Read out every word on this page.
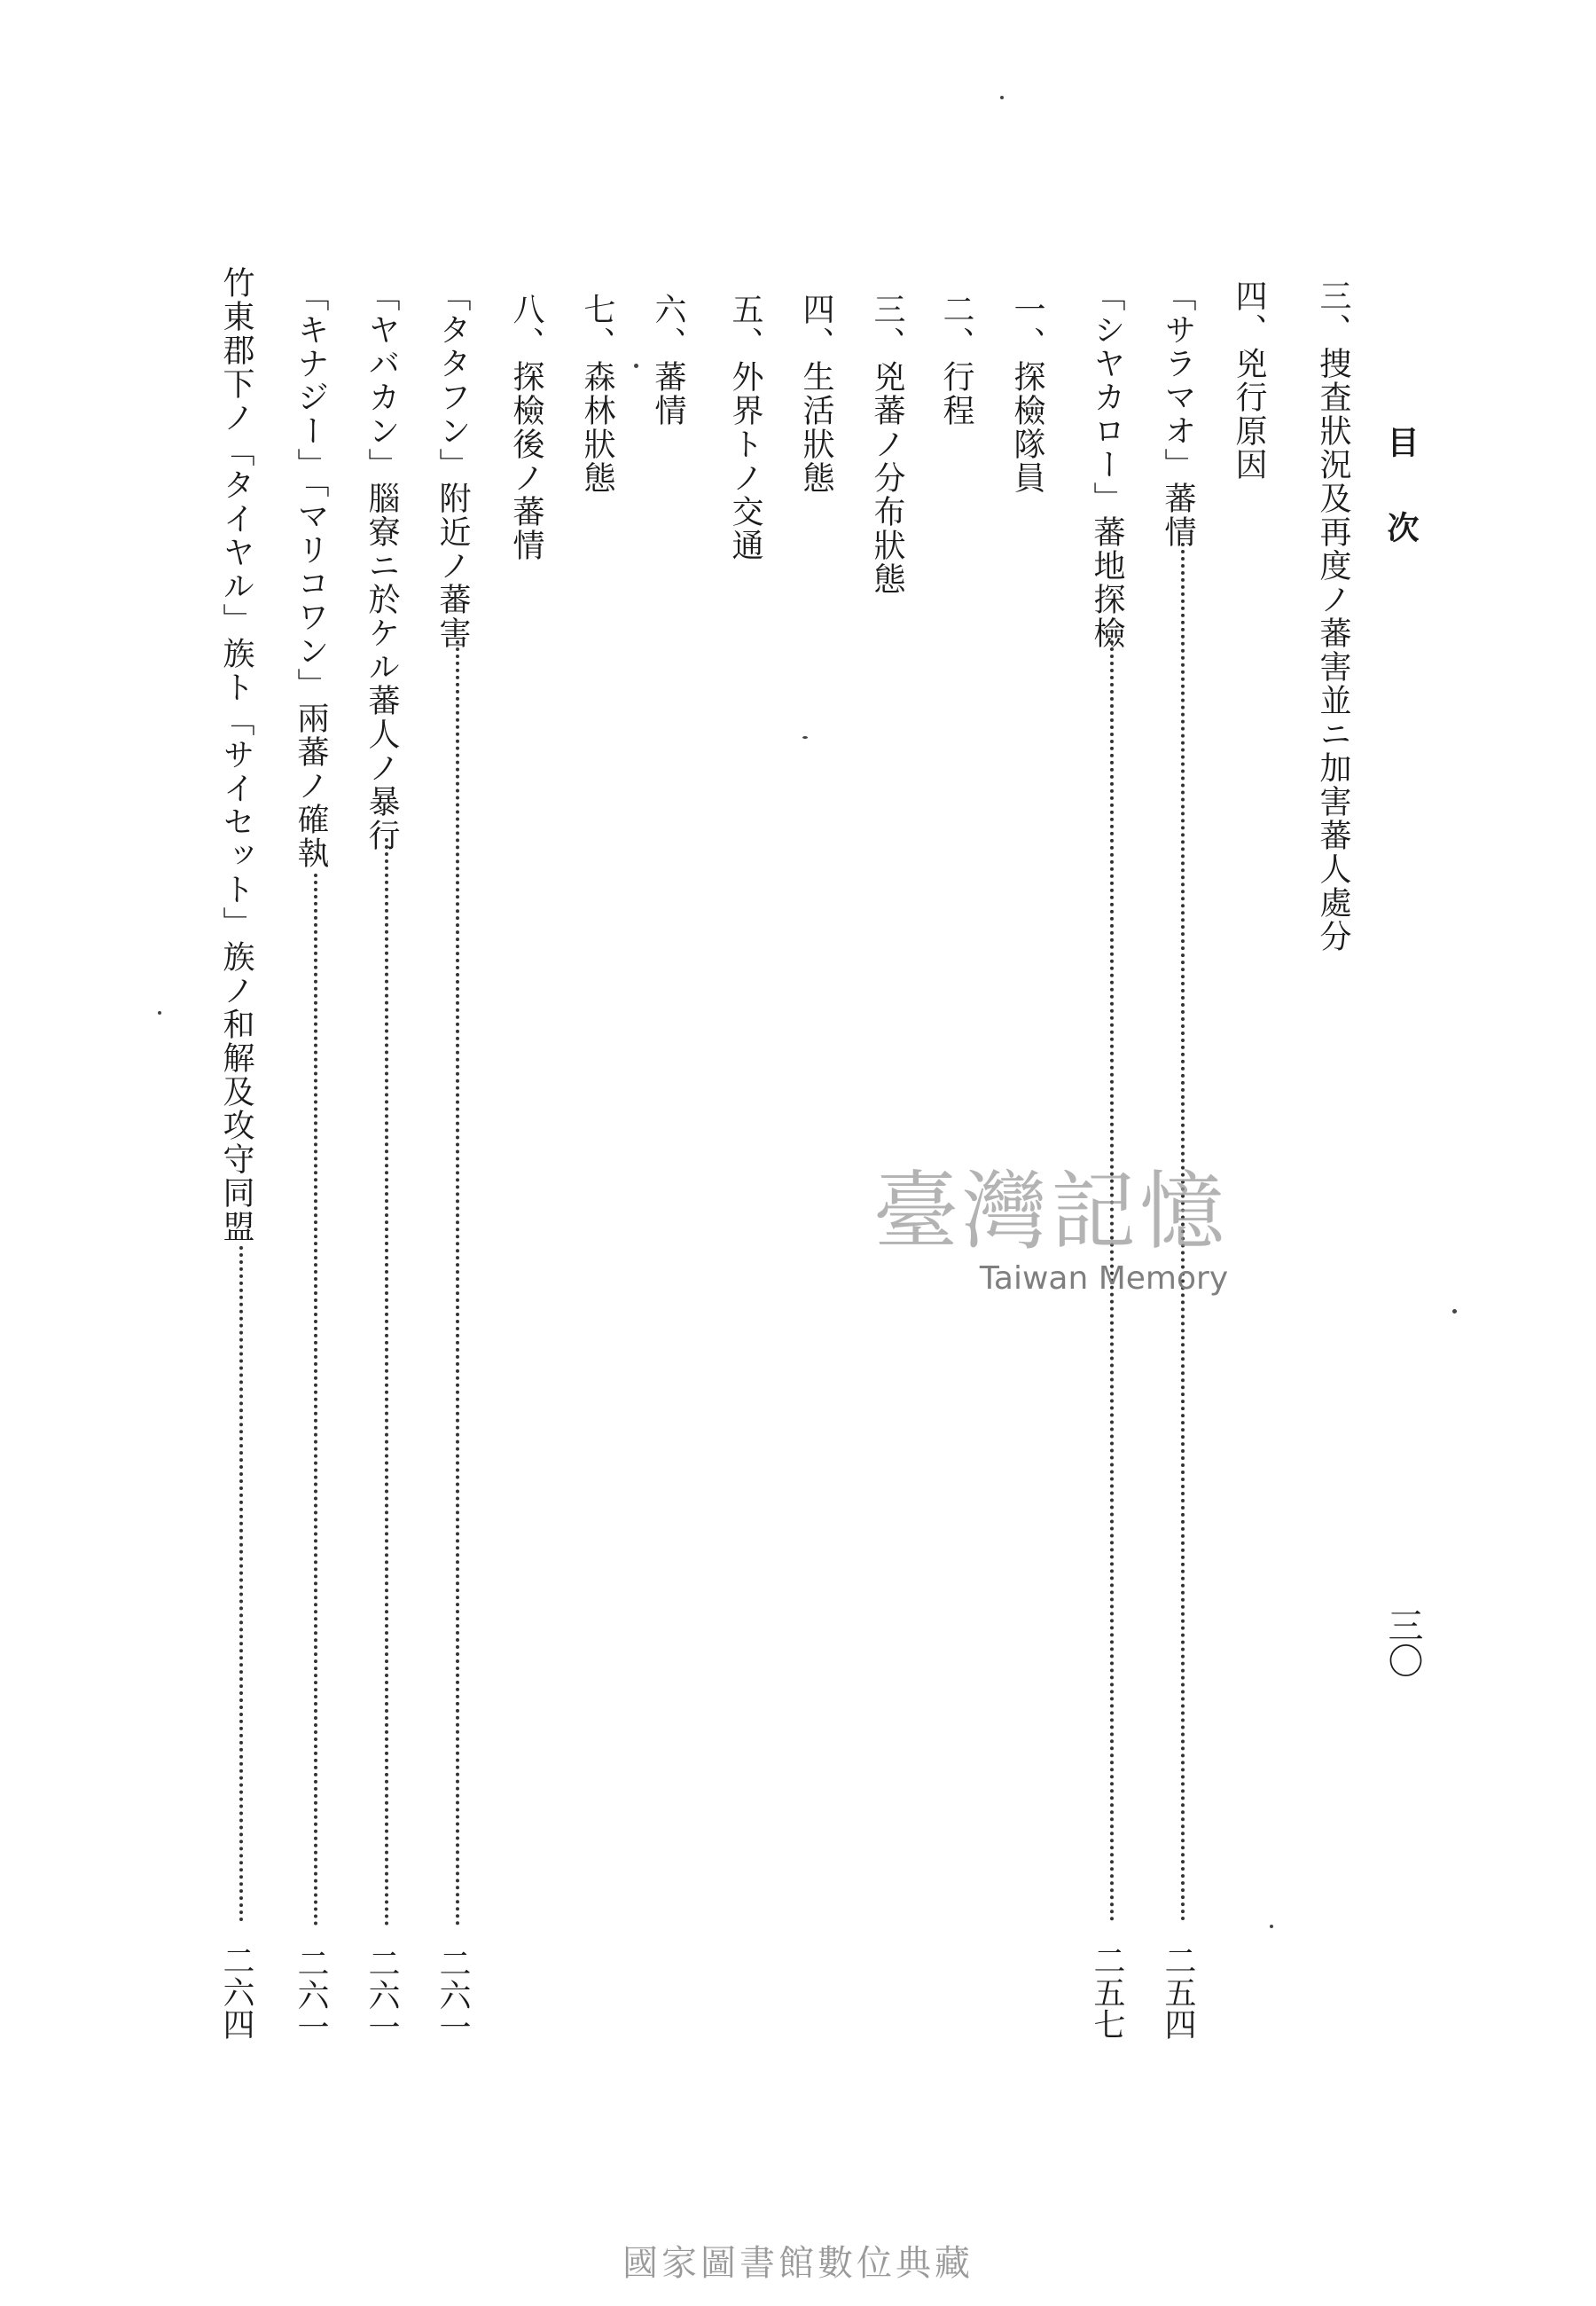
目次
三〇
三、捜査狀況及再度ノ蕃害並ニ加害蕃人處分
四、兇行原因
「サラマオ」蕃情
二五四
「シヤカロー」蕃地探檢
二五七
一、探檢隊員
二、行程
三、兇蕃ノ分布狀態
四、生活狀態
五、外界トノ交通
六、蕃情
七、森林狀態
八、探檢後ノ蕃情
「タタフン」附近ノ蕃害
二六一
「ヤバカン」腦寮ニ於ケル蕃人ノ暴行
二六一
「キナジー」「マリコワン」兩蕃ノ確執
二六一
竹東郡下ノ「タイヤル」族ト「サイセット」族ノ和解及攻守同盟
二六四
臺灣記憶
Taiwan Memory
國家圖書館數位典藏
